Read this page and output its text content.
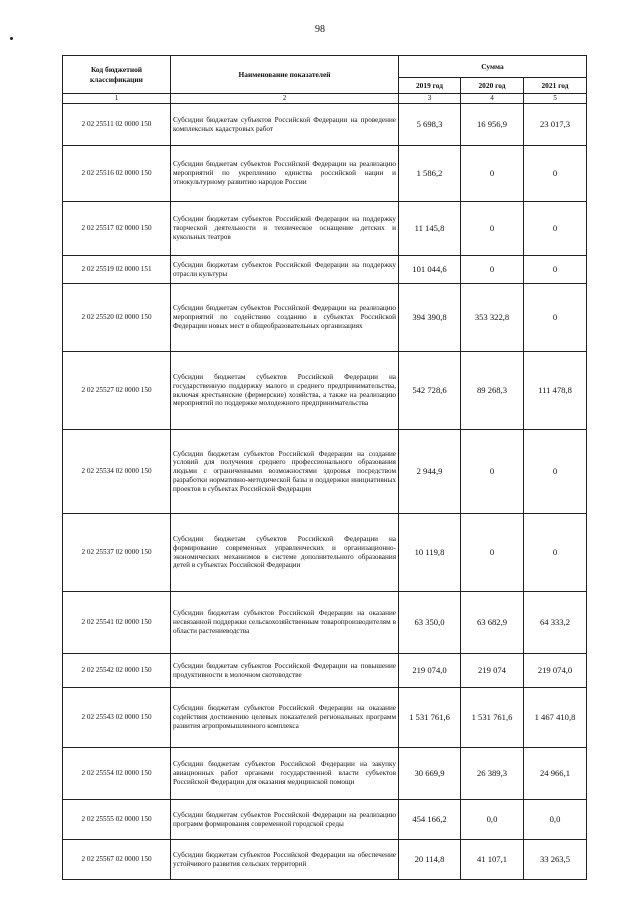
98
Код бюджетной классификации	Наименование показателей	Сумма		
		2019 год	2020 год	2021 год
1	2	3	4	5
2 02 25511 02 0000 150	Субсидии бюджетам субъектов Российской Федерации на проведение комплексных кадастровых работ	5 698,3	16 956,9	23 017,3
2 02 25516 02 0000 150	Субсидии бюджетам субъектов Российской Федерации на реализацию мероприятий по укреплению единства российской нации и этнокультурному развитию народов России	1 586,2	0	0
2 02 25517 02 0000 150	Субсидии бюджетам субъектов Российской Федерации на поддержку творческой деятельности и техническое оснащение детских и кукольных театров	11 145,8	0	0
2 02 25519 02 0000 151	Субсидии бюджетам субъектов Российской Федерации на поддержку отрасли культуры	101 044,6	0	0
2 02 25520 02 0000 150	Субсидии бюджетам субъектов Российской Федерации на реализацию мероприятий по содействию созданию в субъектах Российской Федерации новых мест в общеобразовательных организациях	394 390,8	353 322,8	0
2 02 25527 02 0000 150	Субсидии бюджетам субъектов Российской Федерации на государственную поддержку малого и среднего предпринимательства, включая крестьянские (фермерские) хозяйства, а также на реализацию мероприятий по поддержке молодежного предпринимательства	542 728,6	89 268,3	111 478,8
2 02 25534 02 0000 150	Субсидии бюджетам субъектов Российской Федерации на создание условий для получения среднего профессионального образования людьми с ограниченными возможностями здоровья посредством разработки нормативно-методической базы и поддержки инициативных проектов в субъектах Российской Федерации	2 944,9	0	0
2 02 25537 02 0000 150	Субсидии бюджетам субъектов Российской Федерации на формирование современных управленческих и организационно-экономических механизмов в системе дополнительного образования детей в субъектах Российской Федерации	10 119,8	0	0
2 02 25541 02 0000 150	Субсидии бюджетам субъектов Российской Федерации на оказание несвязанной поддержки сельскохозяйственным товаропроизводителям в области растениеводства	63 350,0	63 682,9	64 333,2
2 02 25542 02 0000 150	Субсидии бюджетам субъектов Российской Федерации на повышение продуктивности в молочном скотоводстве	219 074,0	219 074	219 074,0
2 02 25543 02 0000 150	Субсидии бюджетам субъектов Российской Федерации на оказание содействия достижению целевых показателей региональных программ развития агропромышленного комплекса	1 531 761,6	1 531 761,6	1 467 410,8
2 02 25554 02 0000 150	Субсидии бюджетам субъектов Российской Федерации на закупку авиационных работ органами государственной власти субъектов Российской Федерации для оказания медицинской помощи	30 669,9	26 389,3	24 966,1
2 02 25555 02 0000 150	Субсидии бюджетам субъектов Российской Федерации на реализацию программ формирования современной городской среды	454 166,2	0,0	0,0
2 02 25567 02 0000 150	Субсидии бюджетам субъектов Российской Федерации на обеспечение устойчивого развития сельских территорий	20 114,8	41 107,1	33 263,5
